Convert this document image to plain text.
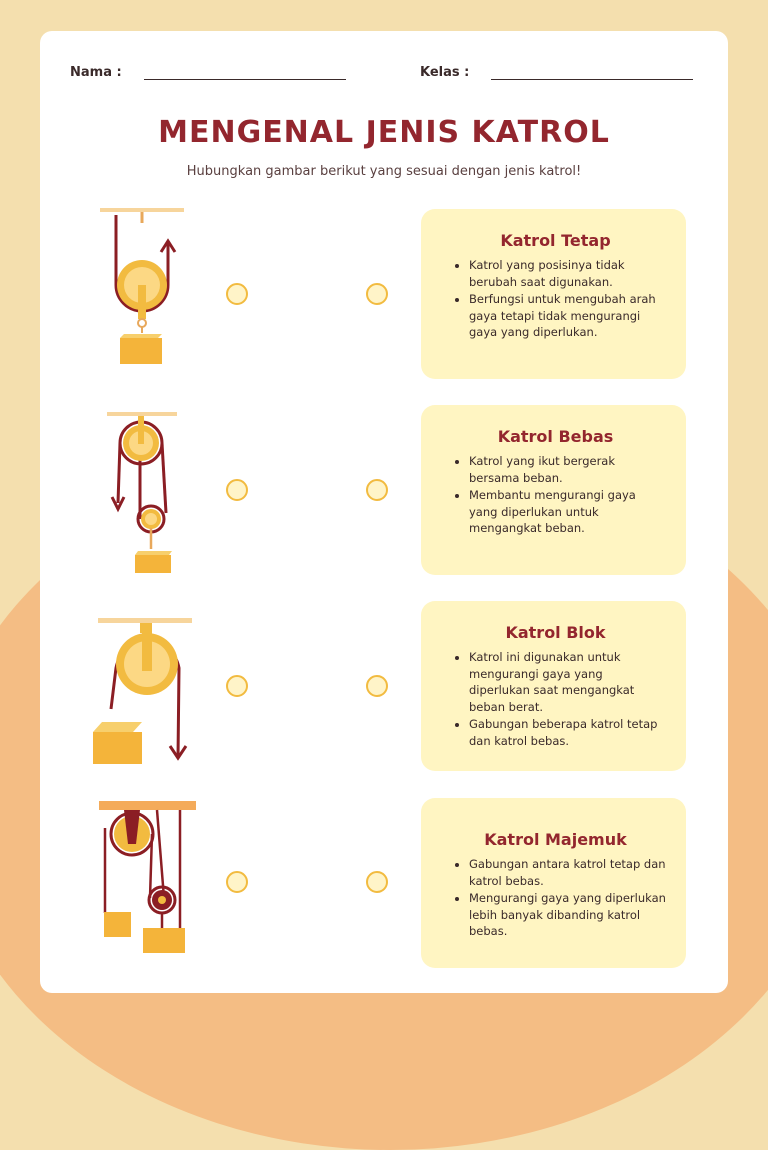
Nama :	Kelas :
MENGENAL JENIS KATROL
Hubungkan gambar berikut yang sesuai dengan jenis katrol!
Katrol Tetap
• Katrol yang posisinya tidak berubah saat digunakan.
• Berfungsi untuk mengubah arah gaya tetapi tidak mengurangi gaya yang diperlukan.
Katrol Bebas
• Katrol yang ikut bergerak bersama beban.
• Membantu mengurangi gaya yang diperlukan untuk mengangkat beban.
Katrol Blok
• Katrol ini digunakan untuk mengurangi gaya yang diperlukan saat mengangkat beban berat.
• Gabungan beberapa katrol tetap dan katrol bebas.
Katrol Majemuk
• Gabungan antara katrol tetap dan katrol bebas.
• Mengurangi gaya yang diperlukan lebih banyak dibanding katrol bebas.
